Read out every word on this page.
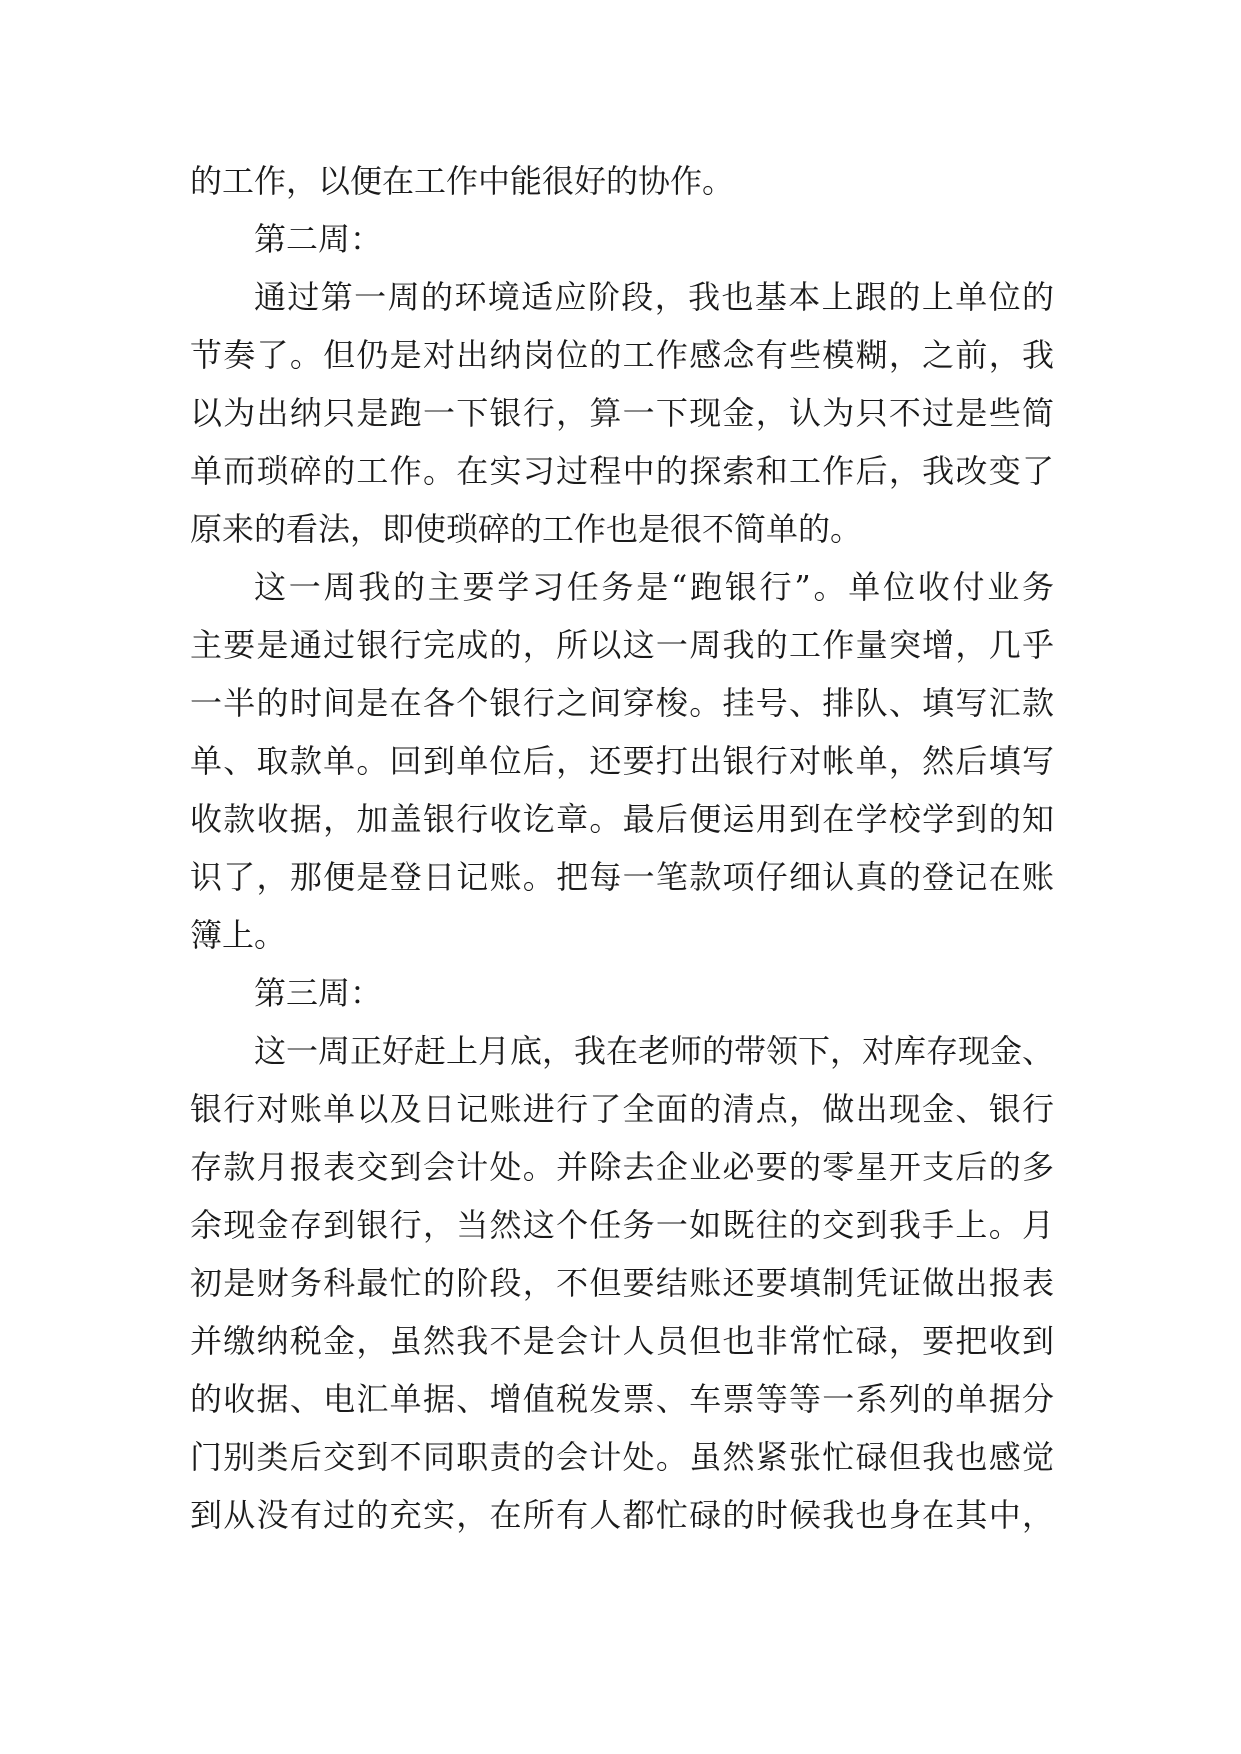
的工作，以便在工作中能很好的协作。
第二周：
通过第一周的环境适应阶段，我也基本上跟的上单位的
节奏了。但仍是对出纳岗位的工作感念有些模糊，之前，我
以为出纳只是跑一下银行，算一下现金，认为只不过是些简
单而琐碎的工作。在实习过程中的探索和工作后，我改变了
原来的看法，即使琐碎的工作也是很不简单的。
这一周我的主要学习任务是“跑银行”。单位收付业务
主要是通过银行完成的，所以这一周我的工作量突增，几乎
一半的时间是在各个银行之间穿梭。挂号、排队、填写汇款
单、取款单。回到单位后，还要打出银行对帐单，然后填写
收款收据，加盖银行收讫章。最后便运用到在学校学到的知
识了，那便是登日记账。把每一笔款项仔细认真的登记在账
簿上。
第三周：
这一周正好赶上月底，我在老师的带领下，对库存现金、
银行对账单以及日记账进行了全面的清点，做出现金、银行
存款月报表交到会计处。并除去企业必要的零星开支后的多
余现金存到银行，当然这个任务一如既往的交到我手上。月
初是财务科最忙的阶段，不但要结账还要填制凭证做出报表
并缴纳税金，虽然我不是会计人员但也非常忙碌，要把收到
的收据、电汇单据、增值税发票、车票等等一系列的单据分
门别类后交到不同职责的会计处。虽然紧张忙碌但我也感觉
到从没有过的充实，在所有人都忙碌的时候我也身在其中，
